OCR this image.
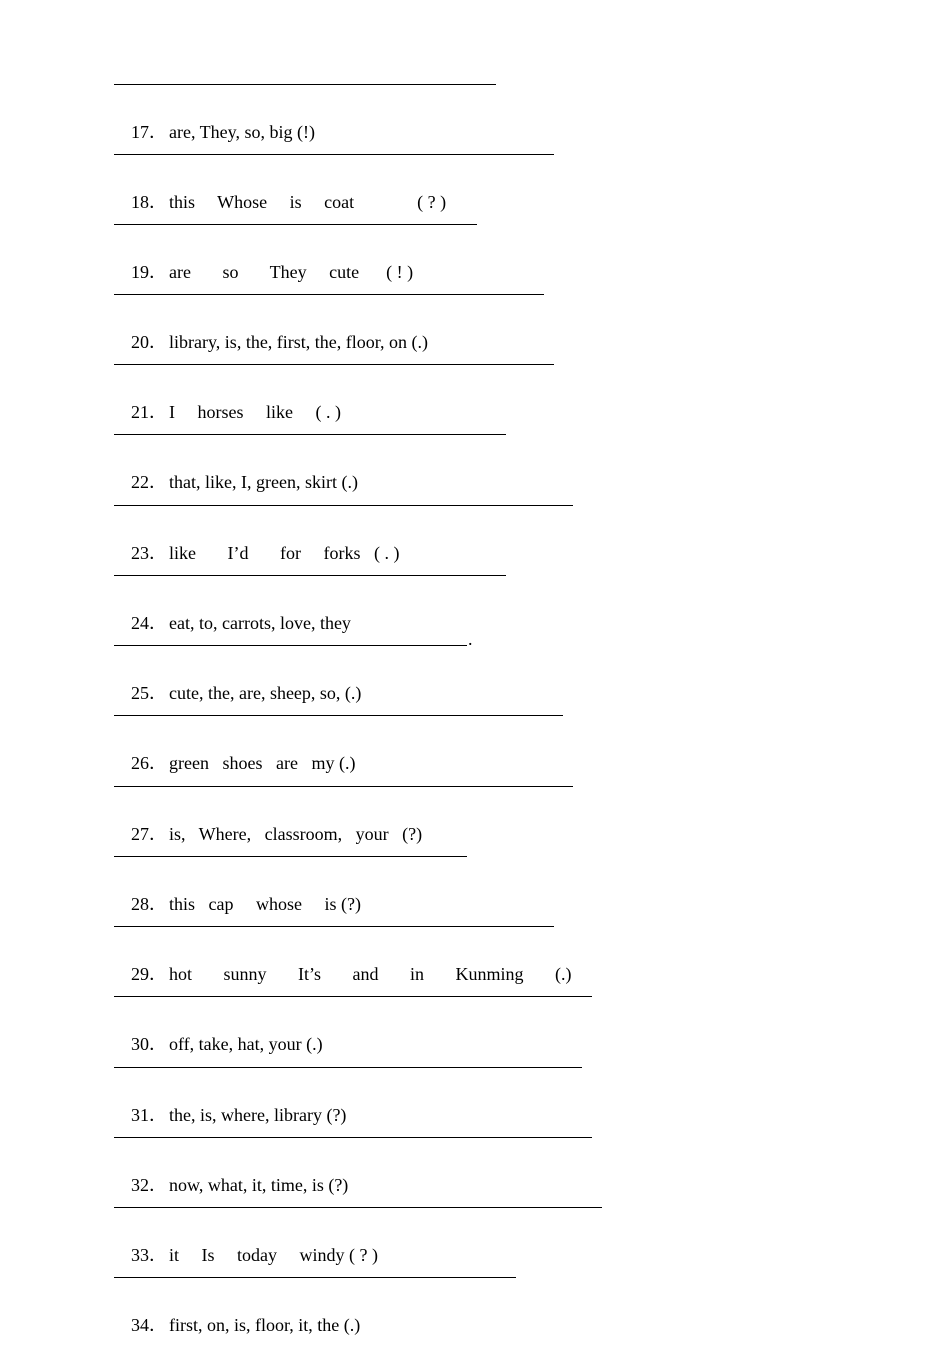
17． are, They, so, big (!)

18． this     Whose     is     coat              ( ? )

19． are       so       They     cute      ( ! )

20． library, is, the, first, the, floor, on (.)

21． I     horses     like     ( . )

22． that, like, I, green, skirt (.)

23． like       I’d       for     forks   ( . )

24． eat, to, carrots, love, they

.

25． cute, the, are, sheep, so, (.)

26． green   shoes   are   my (.)

27． is,   Where,   classroom,   your   (?)

28． this   cap     whose     is (?)

29． hot       sunny       It’s       and       in       Kunming       (.)

30． off, take, hat, your (.)

31． the, is, where, library (?)

32． now, what, it, time, is (?)

33． it     Is     today     windy ( ? )

34． first, on, is, floor, it, the (.)
